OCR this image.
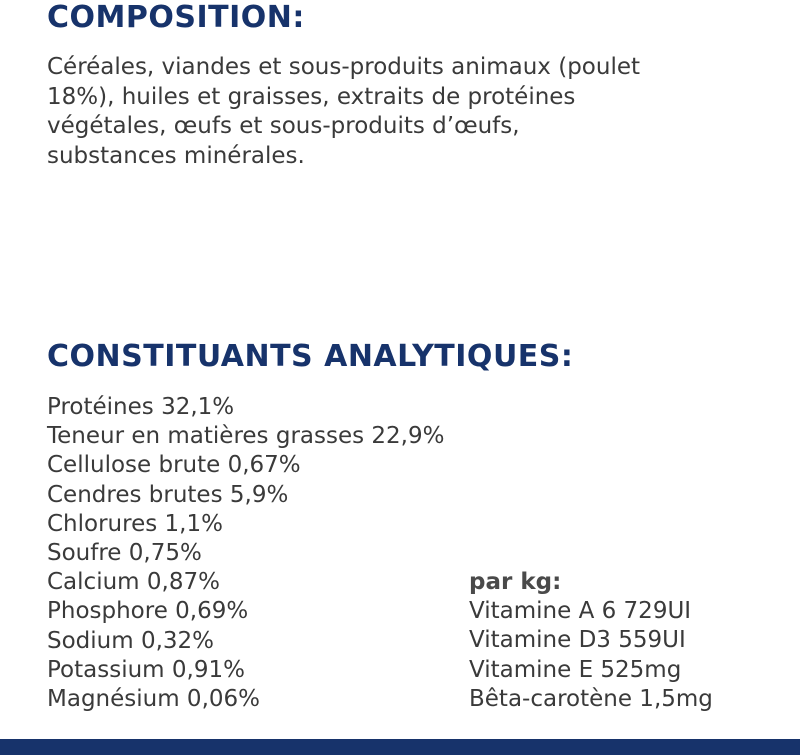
COMPOSITION:

Céréales, viandes et sous-produits animaux (poulet
18%), huiles et graisses, extraits de protéines
végétales, œufs et sous-produits d’œufs,
substances minérales.

CONSTITUANTS ANALYTIQUES:
Protéines 32,1%
Teneur en matières grasses 22,9%
Cellulose brute 0,67%
Cendres brutes 5,9%
Chlorures 1,1%
Soufre 0,75%
Calcium 0,87%
Phosphore 0,69%
Sodium 0,32%
Potassium 0,91%
Magnésium 0,06%
par kg:
Vitamine A 6 729UI
Vitamine D3 559UI
Vitamine E 525mg
Bêta-carotène 1,5mg
